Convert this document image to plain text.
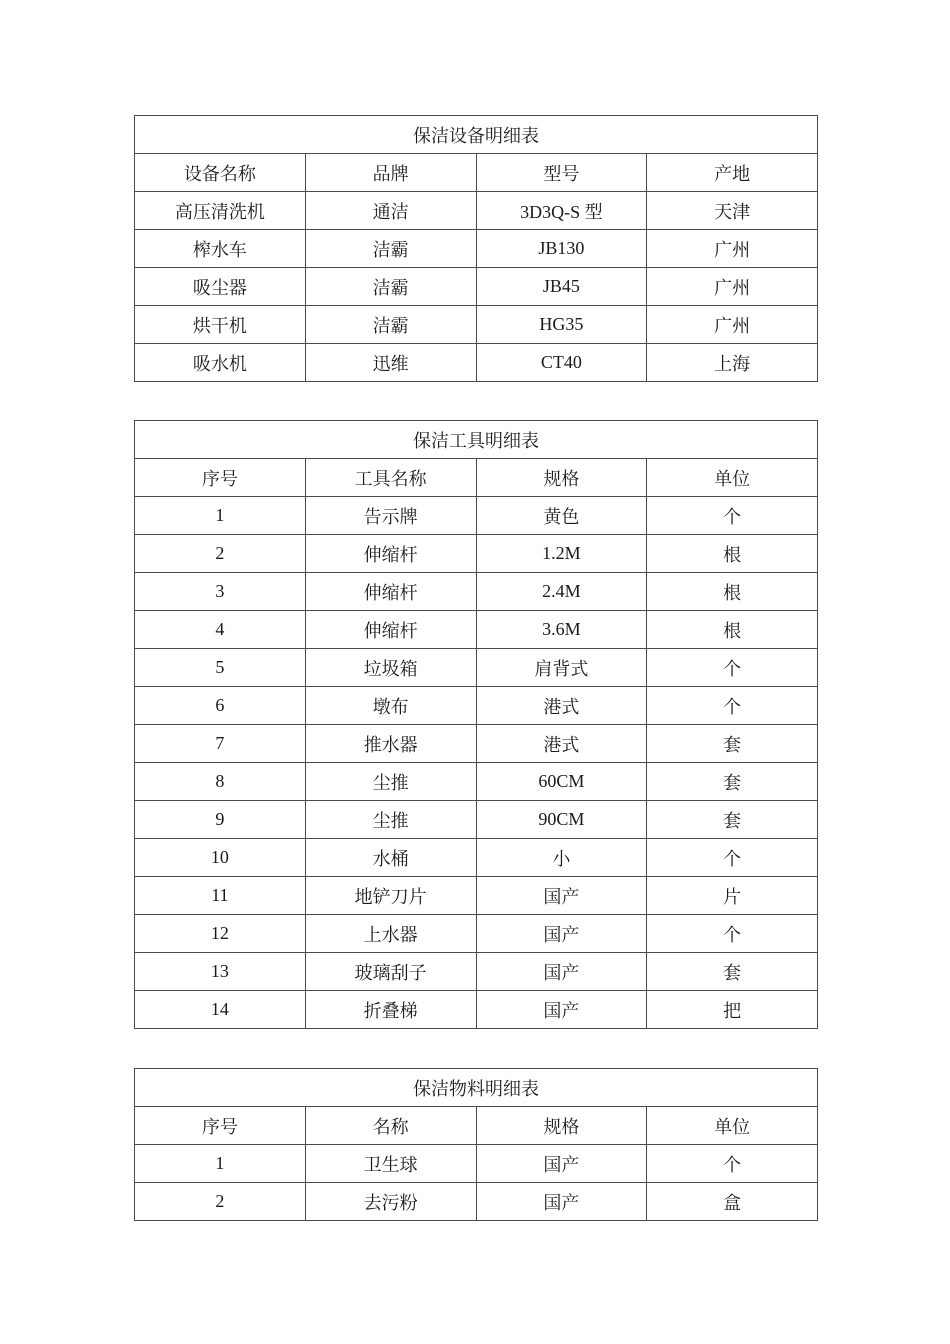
保洁设备明细表			
设备名称	品牌	型号	产地
高压清洗机	通洁	3D3Q-S 型	天津
榨水车	洁霸	JB130	广州
吸尘器	洁霸	JB45	广州
烘干机	洁霸	HG35	广州
吸水机	迅维	CT40	上海
保洁工具明细表			
序号	工具名称	规格	单位
1	告示牌	黄色	个
2	伸缩杆	1.2M	根
3	伸缩杆	2.4M	根
4	伸缩杆	3.6M	根
5	垃圾箱	肩背式	个
6	墩布	港式	个
7	推水器	港式	套
8	尘推	60CM	套
9	尘推	90CM	套
10	水桶	小	个
11	地铲刀片	国产	片
12	上水器	国产	个
13	玻璃刮子	国产	套
14	折叠梯	国产	把
保洁物料明细表			
序号	名称	规格	单位
1	卫生球	国产	个
2	去污粉	国产	盒
